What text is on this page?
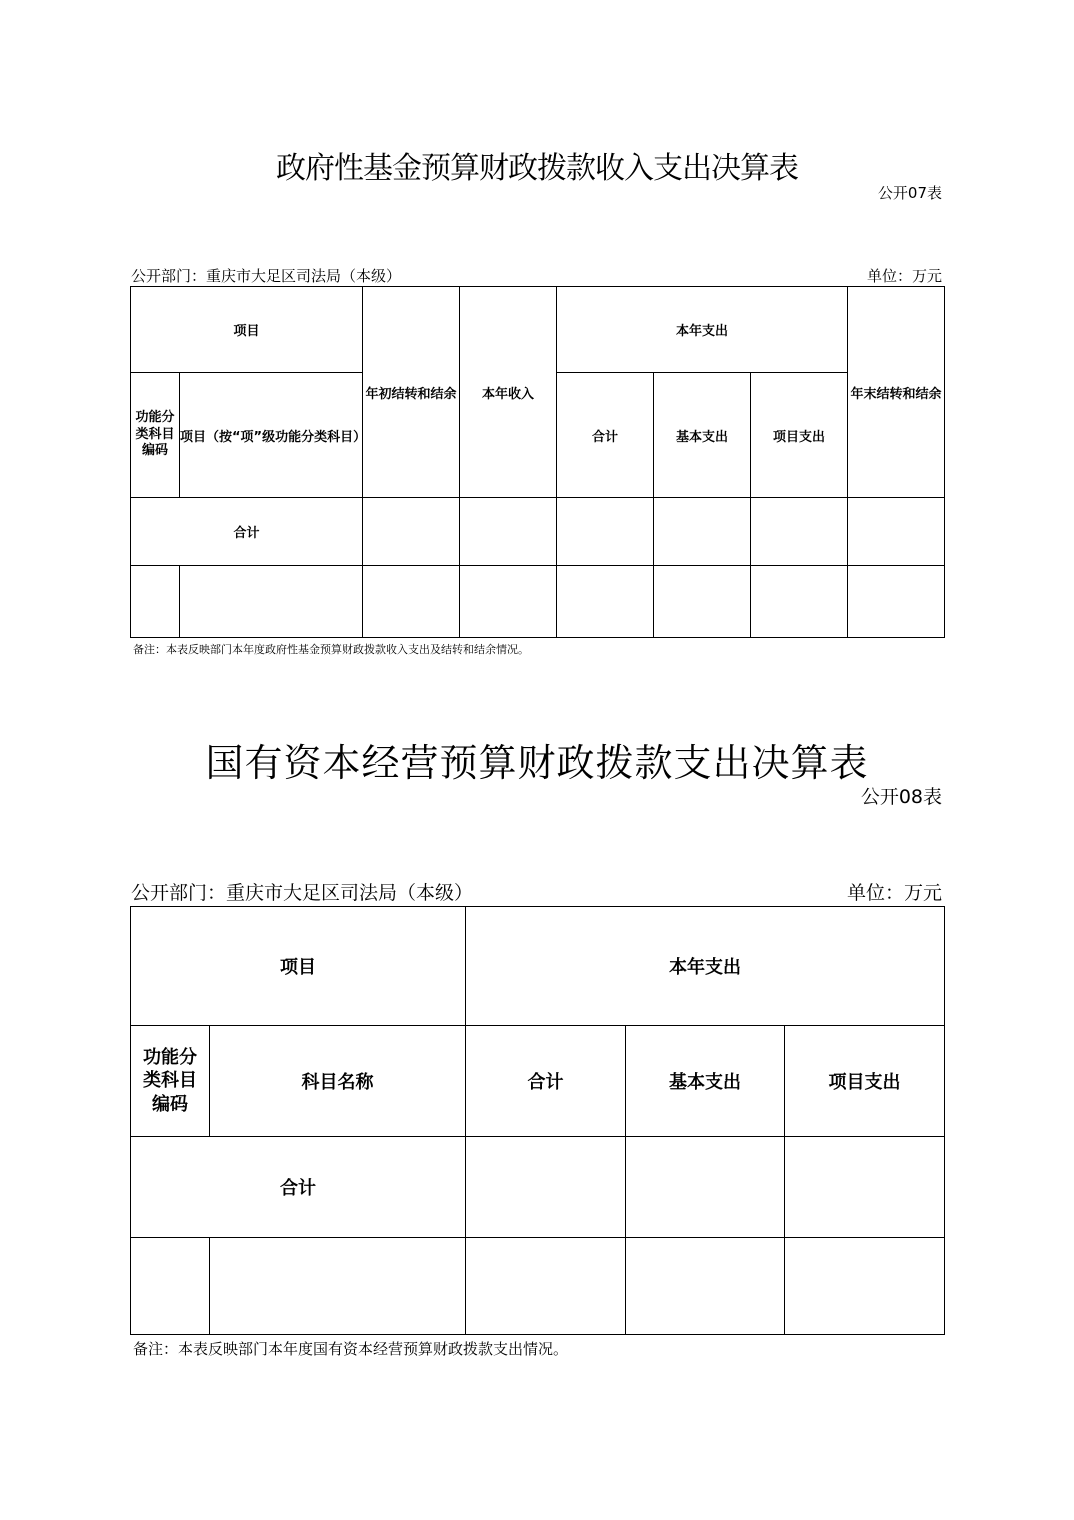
政府性基金预算财政拨款收入支出决算表
公开07表
公开部门：重庆市大足区司法局（本级）	单位：万元
项目		年初结转和结余	本年收入	本年支出			年末结转和结余
功能分类科目编码	项目（按“项”级功能分类科目）			合计	基本支出	项目支出	
合计							

备注：本表反映部门本年度政府性基金预算财政拨款收入支出及结转和结余情况。
国有资本经营预算财政拨款支出决算表
公开08表
公开部门：重庆市大足区司法局（本级）	单位：万元
项目		本年支出		
功能分类科目编码	科目名称	合计	基本支出	项目支出
合计				

备注：本表反映部门本年度国有资本经营预算财政拨款支出情况。
